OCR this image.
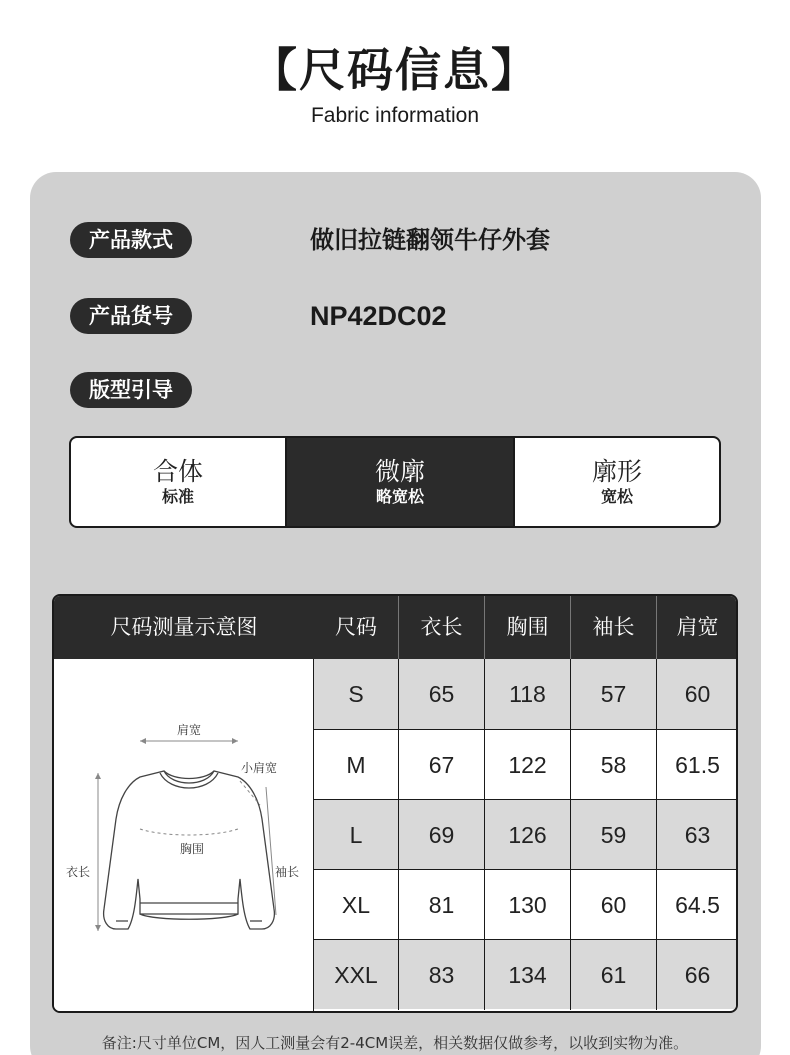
【尺码信息】
Fabric information
产品款式	做旧拉链翻领牛仔外套
产品货号	NP42DC02
版型引导
合体
标准
微廓
略宽松
廓形
宽松
尺码测量示意图	尺码	衣长	胸围	袖长	肩宽
肩宽
小肩宽
胸围
衣长	袖长
S	65	118	57	60
M	67	122	58	61.5
L	69	126	59	63
XL	81	130	60	64.5
XXL	83	134	61	66
备注:尺寸单位CM，因人工测量会有2-4CM误差，相关数据仅做参考，以收到实物为准。
